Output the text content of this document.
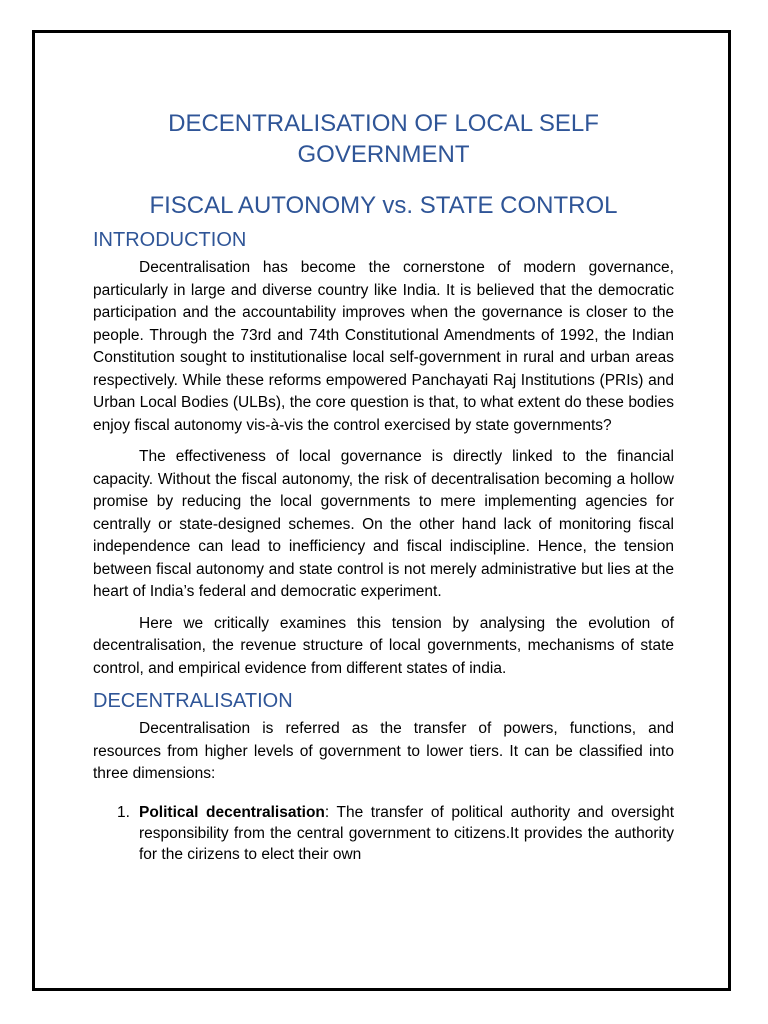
DECENTRALISATION OF LOCAL SELF GOVERNMENT
FISCAL AUTONOMY vs. STATE CONTROL
INTRODUCTION

Decentralisation has become the cornerstone of modern governance, particularly in large and diverse country like India. It is believed that the democratic participation and the accountability improves when the governance is closer to the people. Through the 73rd and 74th Constitutional Amendments of 1992, the Indian Constitution sought to institutionalise local self-government in rural and urban areas respectively. While these reforms empowered Panchayati Raj Institutions (PRIs) and Urban Local Bodies (ULBs), the core question is that, to what extent do these bodies enjoy fiscal autonomy vis-à-vis the control exercised by state governments?

The effectiveness of local governance is directly linked to the financial capacity. Without the fiscal autonomy, the risk of decentralisation becoming a hollow promise by reducing the local governments to mere implementing agencies for centrally or state-designed schemes. On the other hand lack of monitoring fiscal independence can lead to inefficiency and fiscal indiscipline. Hence, the tension between fiscal autonomy and state control is not merely administrative but lies at the heart of India’s federal and democratic experiment.

Here we critically examines this tension by analysing the evolution of decentralisation, the revenue structure of local governments, mechanisms of state control, and empirical evidence from different states of india.

DECENTRALISATION

Decentralisation is referred as the transfer of powers, functions, and resources from higher levels of government to lower tiers. It can be classified into three dimensions:

1. Political decentralisation: The transfer of political authority and oversight responsibility from the central government to citizens.It provides the authority for the cirizens to elect their own
